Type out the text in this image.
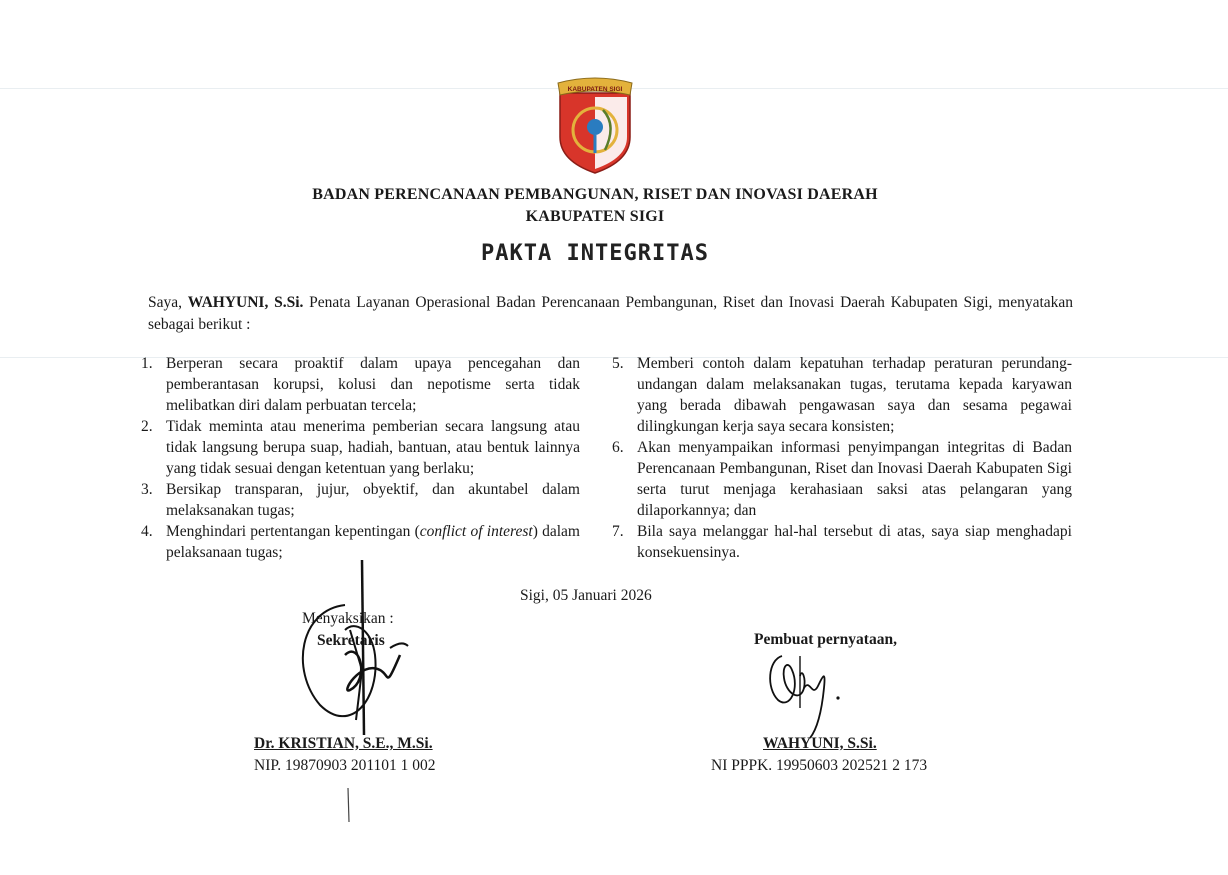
KABUPATEN SIGI
BADAN PERENCANAAN PEMBANGUNAN, RISET DAN INOVASI DAERAH
KABUPATEN SIGI
PAKTA INTEGRITAS
Saya, WAHYUNI, S.Si. Penata Layanan Operasional Badan Perencanaan Pembangunan, Riset dan Inovasi Daerah Kabupaten Sigi, menyatakan sebagai berikut :
1. Berperan secara proaktif dalam upaya pencegahan dan pemberantasan korupsi, kolusi dan nepotisme serta tidak melibatkan diri dalam perbuatan tercela;
2. Tidak meminta atau menerima pemberian secara langsung atau tidak langsung berupa suap, hadiah, bantuan, atau bentuk lainnya yang tidak sesuai dengan ketentuan yang berlaku;
3. Bersikap transparan, jujur, obyektif, dan akuntabel dalam melaksanakan tugas;
4. Menghindari pertentangan kepentingan (conflict of interest) dalam pelaksanaan tugas;
5. Memberi contoh dalam kepatuhan terhadap peraturan perundang-undangan dalam melaksanakan tugas, terutama kepada karyawan yang berada dibawah pengawasan saya dan sesama pegawai dilingkungan kerja saya secara konsisten;
6. Akan menyampaikan informasi penyimpangan integritas di Badan Perencanaan Pembangunan, Riset dan Inovasi Daerah Kabupaten Sigi serta turut menjaga kerahasiaan saksi atas pelangaran yang dilaporkannya; dan
7. Bila saya melanggar hal-hal tersebut di atas, saya siap menghadapi konsekuensinya.
Sigi, 05 Januari 2026
Menyaksikan :
Sekretaris
Dr. KRISTIAN, S.E., M.Si.
NIP. 19870903 201101 1 002
Pembuat pernyataan,
WAHYUNI, S.Si.
NI PPPK. 19950603 202521 2 173
